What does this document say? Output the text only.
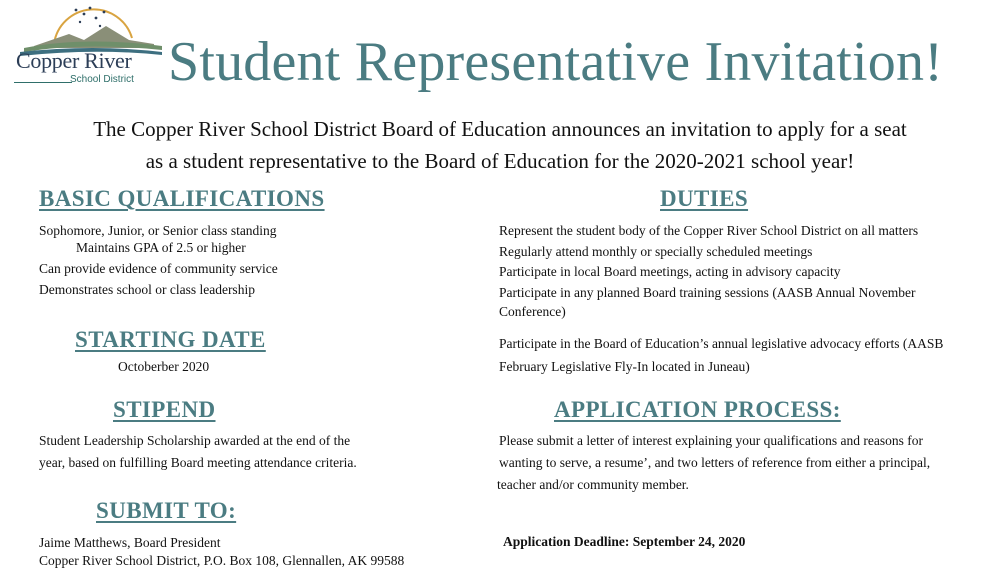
Copper River
School District Student Representative Invitation!
The Copper River School District Board of Education announces an invitation to apply for a seat
as a student representative to the Board of Education for the 2020-2021 school year!
BASIC QUALIFICATIONS
Sophomore, Junior, or Senior class standing
Maintains GPA of 2.5 or higher
Can provide evidence of community service
Demonstrates school or class leadership
STARTING DATE
Octoberber 2020
STIPEND
Student Leadership Scholarship awarded at the end of the
year, based on fulfilling Board meeting attendance criteria.
SUBMIT TO:
Jaime Matthews, Board President
Copper River School District, P.O. Box 108, Glennallen, AK 99588
DUTIES
Represent the student body of the Copper River School District on all matters
Regularly attend monthly or specially scheduled meetings
Participate in local Board meetings, acting in advisory capacity
Participate in any planned Board training sessions (AASB Annual November
Conference)
Participate in the Board of Education’s annual legislative advocacy efforts (AASB
February Legislative Fly-In located in Juneau)
APPLICATION PROCESS:
Please submit a letter of interest explaining your qualifications and reasons for
wanting to serve, a resume’, and two letters of reference from either a principal,
teacher and/or community member.
Application Deadline: September 24, 2020
